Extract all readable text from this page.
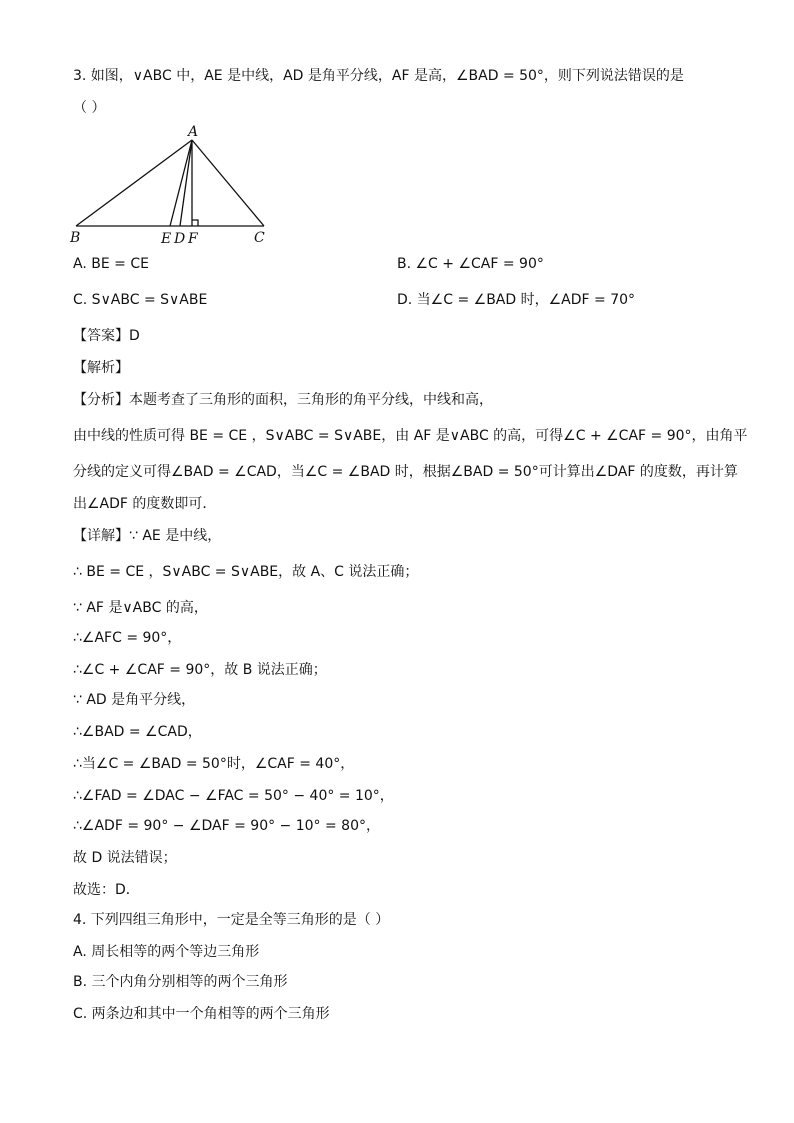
3. 如图，∨ABC 中，AE 是中线，AD 是角平分线，AF 是高，∠BAD = 50°，则下列说法错误的是
（ ）
A
B	C
E D F
A. BE = CE	B. ∠C + ∠CAF = 90°
C. S∨ABC = S∨ABE	D. 当∠C = ∠BAD 时，∠ADF = 70°
【答案】D
【解析】
【分析】本题考查了三角形的面积，三角形的角平分线，中线和高，
由中线的性质可得 BE = CE ，S∨ABC = S∨ABE，由 AF 是∨ABC 的高，可得∠C + ∠CAF = 90°，由角平
分线的定义可得∠BAD = ∠CAD，当∠C = ∠BAD 时，根据∠BAD = 50°可计算出∠DAF 的度数，再计算
出∠ADF 的度数即可．
【详解】∵ AE 是中线，
∴ BE = CE ，S∨ABC = S∨ABE，故 A、C 说法正确；
∵ AF 是∨ABC 的高，
∴∠AFC = 90°，
∴∠C + ∠CAF = 90°，故 B 说法正确；
∵ AD 是角平分线，
∴∠BAD = ∠CAD，
∴当∠C = ∠BAD = 50°时，∠CAF = 40°，
∴∠FAD = ∠DAC − ∠FAC = 50° − 40° = 10°，
∴∠ADF = 90° − ∠DAF = 90° − 10° = 80°，
故 D 说法错误；
故选：D．
4. 下列四组三角形中，一定是全等三角形的是（ ）
A. 周长相等的两个等边三角形
B. 三个内角分别相等的两个三角形
C. 两条边和其中一个角相等的两个三角形
